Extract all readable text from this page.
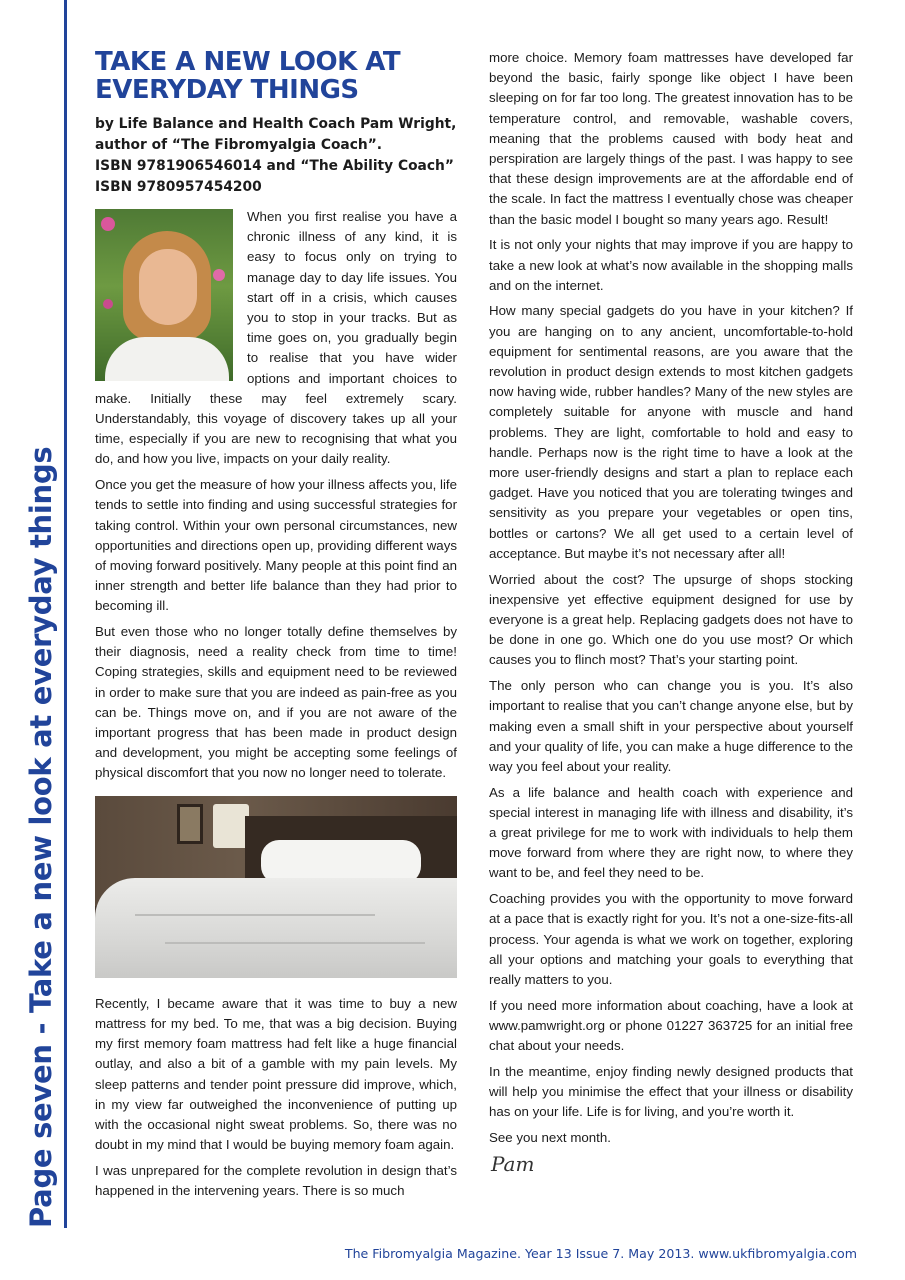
Page seven - Take a new look at everyday things
TAKE A NEW LOOK AT EVERYDAY THINGS
by Life Balance and Health Coach Pam Wright,
author of “The Fibromyalgia Coach”.
ISBN 9781906546014 and “The Ability Coach”
ISBN 9780957454200

When you first realise you have a chronic illness of any kind, it is easy to focus only on trying to manage day to day life issues. You start off in a crisis, which causes you to stop in your tracks. But as time goes on, you gradually begin to realise that you have wider options and important choices to make. Initially these may feel extremely scary. Understandably, this voyage of discovery takes up all your time, especially if you are new to recognising that what you do, and how you live, impacts on your daily reality.

Once you get the measure of how your illness affects you, life tends to settle into finding and using successful strategies for taking control. Within your own personal circumstances, new opportunities and directions open up, providing different ways of moving forward positively. Many people at this point find an inner strength and better life balance than they had prior to becoming ill.

But even those who no longer totally define themselves by their diagnosis, need a reality check from time to time! Coping strategies, skills and equipment need to be reviewed in order to make sure that you are indeed as pain-free as you can be. Things move on, and if you are not aware of the important progress that has been made in product design and development, you might be accepting some feelings of physical discomfort that you now no longer need to tolerate.

Recently, I became aware that it was time to buy a new mattress for my bed. To me, that was a big decision. Buying my first memory foam mattress had felt like a huge financial outlay, and also a bit of a gamble with my pain levels. My sleep patterns and tender point pressure did improve, which, in my view far outweighed the inconvenience of putting up with the occasional night sweat problems. So, there was no doubt in my mind that I would be buying memory foam again.

I was unprepared for the complete revolution in design that’s happened in the intervening years. There is so much

more choice. Memory foam mattresses have developed far beyond the basic, fairly sponge like object I have been sleeping on for far too long. The greatest innovation has to be temperature control, and removable, washable covers, meaning that the problems caused with body heat and perspiration are largely things of the past. I was happy to see that these design improvements are at the affordable end of the scale. In fact the mattress I eventually chose was cheaper than the basic model I bought so many years ago. Result!

It is not only your nights that may improve if you are happy to take a new look at what’s now available in the shopping malls and on the internet.

How many special gadgets do you have in your kitchen? If you are hanging on to any ancient, uncomfortable-to-hold equipment for sentimental reasons, are you aware that the revolution in product design extends to most kitchen gadgets now having wide, rubber handles? Many of the new styles are completely suitable for anyone with muscle and hand problems. They are light, comfortable to hold and easy to handle. Perhaps now is the right time to have a look at the more user-friendly designs and start a plan to replace each gadget. Have you noticed that you are tolerating twinges and sensitivity as you prepare your vegetables or open tins, bottles or cartons? We all get used to a certain level of acceptance. But maybe it’s not necessary after all!

Worried about the cost? The upsurge of shops stocking inexpensive yet effective equipment designed for use by everyone is a great help. Replacing gadgets does not have to be done in one go. Which one do you use most? Or which causes you to flinch most? That’s your starting point.

The only person who can change you is you. It’s also important to realise that you can’t change anyone else, but by making even a small shift in your perspective about yourself and your quality of life, you can make a huge difference to the way you feel about your reality.

As a life balance and health coach with experience and special interest in managing life with illness and disability, it’s a great privilege for me to work with individuals to help them move forward from where they are right now, to where they want to be, and feel they need to be.

Coaching provides you with the opportunity to move forward at a pace that is exactly right for you. It’s not a one-size-fits-all process. Your agenda is what we work on together, exploring all your options and matching your goals to everything that really matters to you.

If you need more information about coaching, have a look at www.pamwright.org or phone 01227 363725 for an initial free chat about your needs.

In the meantime, enjoy finding newly designed products that will help you minimise the effect that your illness or disability has on your life. Life is for living, and you’re worth it.

See you next month.

Pam
The Fibromyalgia Magazine. Year 13 Issue 7. May 2013. www.ukfibromyalgia.com
